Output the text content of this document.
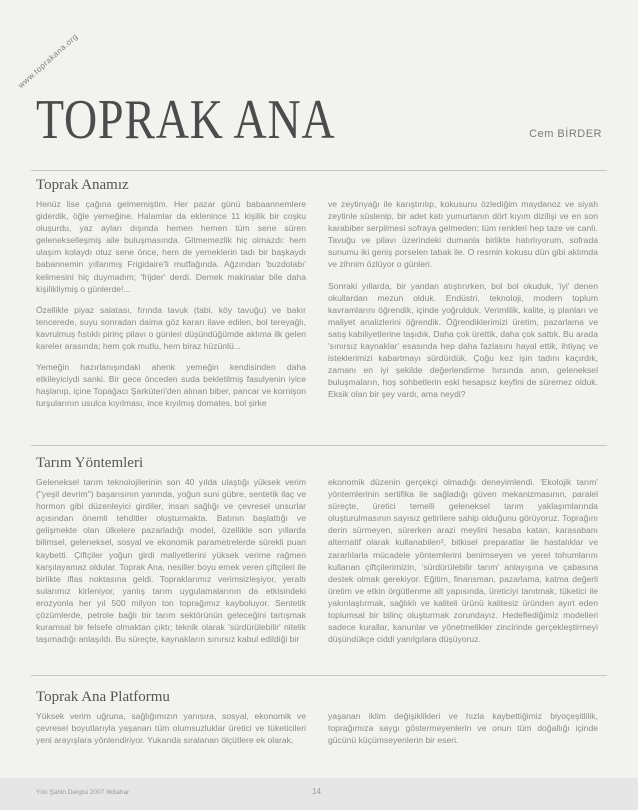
www.toprakana.org
TOPRAK ANA	Cem BİRDER
Toprak Anamız

Henüz lise çağına gelmemiştim. Her pazar günü babaannemlere giderdik, öğle yemeğine. Halamlar da eklenince 11 kişilik bir coşku oluşurdu, yaz ayları dışında hemen hemen tüm sene süren gelenekselleşmiş aile buluşmasında. Gitmemezlik hiç olmazdı: hem ulaşım kolaydı otuz sene önce, hem de yemeklerin tadı bir başkaydı babannemin yıllanmış Frigidaire'li mutfağında. Ağzından 'buzdolabı' kelimesini hiç duymadım; 'frijder' derdi. Demek makinalar bile daha kişilikliymiş o günlerde!...

Özellikle piyaz salatası, fırında tavuk (tabi, köy tavuğu) ve bakır tencerede, suyu sonradan daima göz kararı ilave edilen, bol tereyağlı, kavrulmuş fıstıklı pirinç pilavı o günleri düşündüğümde aklıma ilk gelen kareler arasında; hem çok mutlu, hem biraz hüzünlü...

Yemeğin hazırlanışındaki ahenk yemeğin kendisinden daha etkileyiciydi sanki. Bir gece önceden suda bekletilmiş fasulyenin iyice haşlanıp, içine Topağacı Şarküteri'den alınan biber, pancar ve kornişon turşularının usulca kıyılması, ince kıyılmış domates, bol şirke

ve zeytinyağı ile karıştırılıp, kokusunu özlediğim maydanoz ve siyah zeytinle süslenip, bir adet katı yumurtanın dört kıyım dizilişi ve en son karabiber serpilmesi sofraya gelmeden; tüm renkleri hep taze ve canlı. Tavuğu ve pilavı üzerindeki dumanla birlikte hatırlıyorum, sofrada sunumu iki geniş porselen tabak ile. O resmin kokusu dün gibi aklımda ve zihnim özlüyor o günleri.

Sonraki yıllarda, bir yandan atıştırırken, bol bol okuduk, 'iyi' denen okullardan mezun olduk. Endüstri, teknoloji, modern toplum kavramlarını öğrendik, içinde yoğrulduk. Verimlilik, kalite, iş planları ve maliyet analizlerini öğrendik. Öğrendiklerimizi üretim, pazarlama ve satış kabiliyetlerine taşıdık. Daha çok ürettik, daha çok sattık. Bu arada 'sınırsız kaynaklar' esasında hep daha fazlasını hayal ettik, ihtiyaç ve isteklerimizi kabartmayı sürdürdük. Çoğu kez işin tadını kaçırdık, zamanı en iyi şekilde değerlendirme hırsında anın, geleneksel buluşmaların, hoş sohbetlerin eski hesapsız keyfini de süremez olduk. Eksik olan bir şey vardı, ama neydi?

Tarım Yöntemleri

Geleneksel tarım teknolojilerinin son 40 yılda ulaştığı yüksek verim ("yeşil devrim") başarısının yanında, yoğun suni gübre, sentetik ilaç ve hormon gibi düzenleyici girdiler, insan sağlığı ve çevresel unsurlar açısından önemli tehditler oluşturmakta. Batının başlattığı ve gelişmekte olan ülkelere pazarladığı model, özellikle son yıllarda bilimsel, geleneksel, sosyal ve ekonomik parametrelerde sürekli puan kaybetti. Çiftçiler yoğun girdi maliyetlerini yüksek verime rağmen karşılayamaz oldular. Toprak Ana, nesiller boyu emek veren çiftçileri ile birlikte iflas noktasına geldi. Topraklarımız verimsizleşiyor, yeraltı sularımız kirleniyor, yanlış tarım uygulamalarının da etkisindeki erozyonla her yıl 500 milyon ton toprağımız kayboluyor. Sentetik çözümlerde, petrole bağlı bir tarım sektörünün geleceğini tartışmak kuramsal bir felsefe olmaktan çıktı; teknik olarak 'sürdürülebilir' nitelik taşımadığı anlaşıldı. Bu süreçte, kaynakların sınırsız kabul edildiği bir

ekonomik düzenin gerçekçi olmadığı deneyimlendi. 'Ekolojik tarım' yöntemlerinin sertifika ile sağladığı güven mekanizmasının, paralel süreçte, üretici temelli geleneksel tarım yaklaşımlarında oluşturulmasının sayısız getirilere sahip olduğunu görüyoruz. Toprağını derin sürmeyen, sürerken arazi meylini hesaba katan, karasabanı alternatif olarak kullanabilen², bitkisel preparatlar ile hastalıklar ve zararlılarla mücadele yöntemlerini benimseyen ve yerel tohumlarını kullanan çiftçilerimizin, 'sürdürülebilir tarım' anlayışına ve çabasına destek olmak gerekiyor. Eğitim, finansman, pazarlama, katma değerli üretim ve etkin örgütlenme alt yapısında, üreticiyi tanıtmak, tüketici ile yakınlaştırmak, sağlıklı ve kaliteli ürünü kalitesiz üründen ayırt eden toplumsal bir bilinç oluşturmak zorundayız. Hedeflediğimiz modelleri sadece kurallar, kanunlar ve yönetmelikler zincirinde gerçekleştirmeyi düşündükçe ciddi yanılgılara düşüyoruz.

Toprak Ana Platformu

Yüksek verim uğruna, sağlığımızın yanısıra, sosyal, ekonomik ve çevresel boyutlarıyla yaşanan tüm olumsuzluklar üretici ve tüketicileri yeni arayışlara yönlendiriyor. Yukarıda sıralanan ölçütlere ek olarak,

yaşanan iklim değişiklikleri ve hızla kaybettiğimiz biyoçeşitlilik, toprağımıza saygı göstermeyenlerin ve onun tüm doğallığı içinde gücünü küçümseyenlerin bir eseri.

Yön Şahin Dergisi 2007 Ilkbahar	14
